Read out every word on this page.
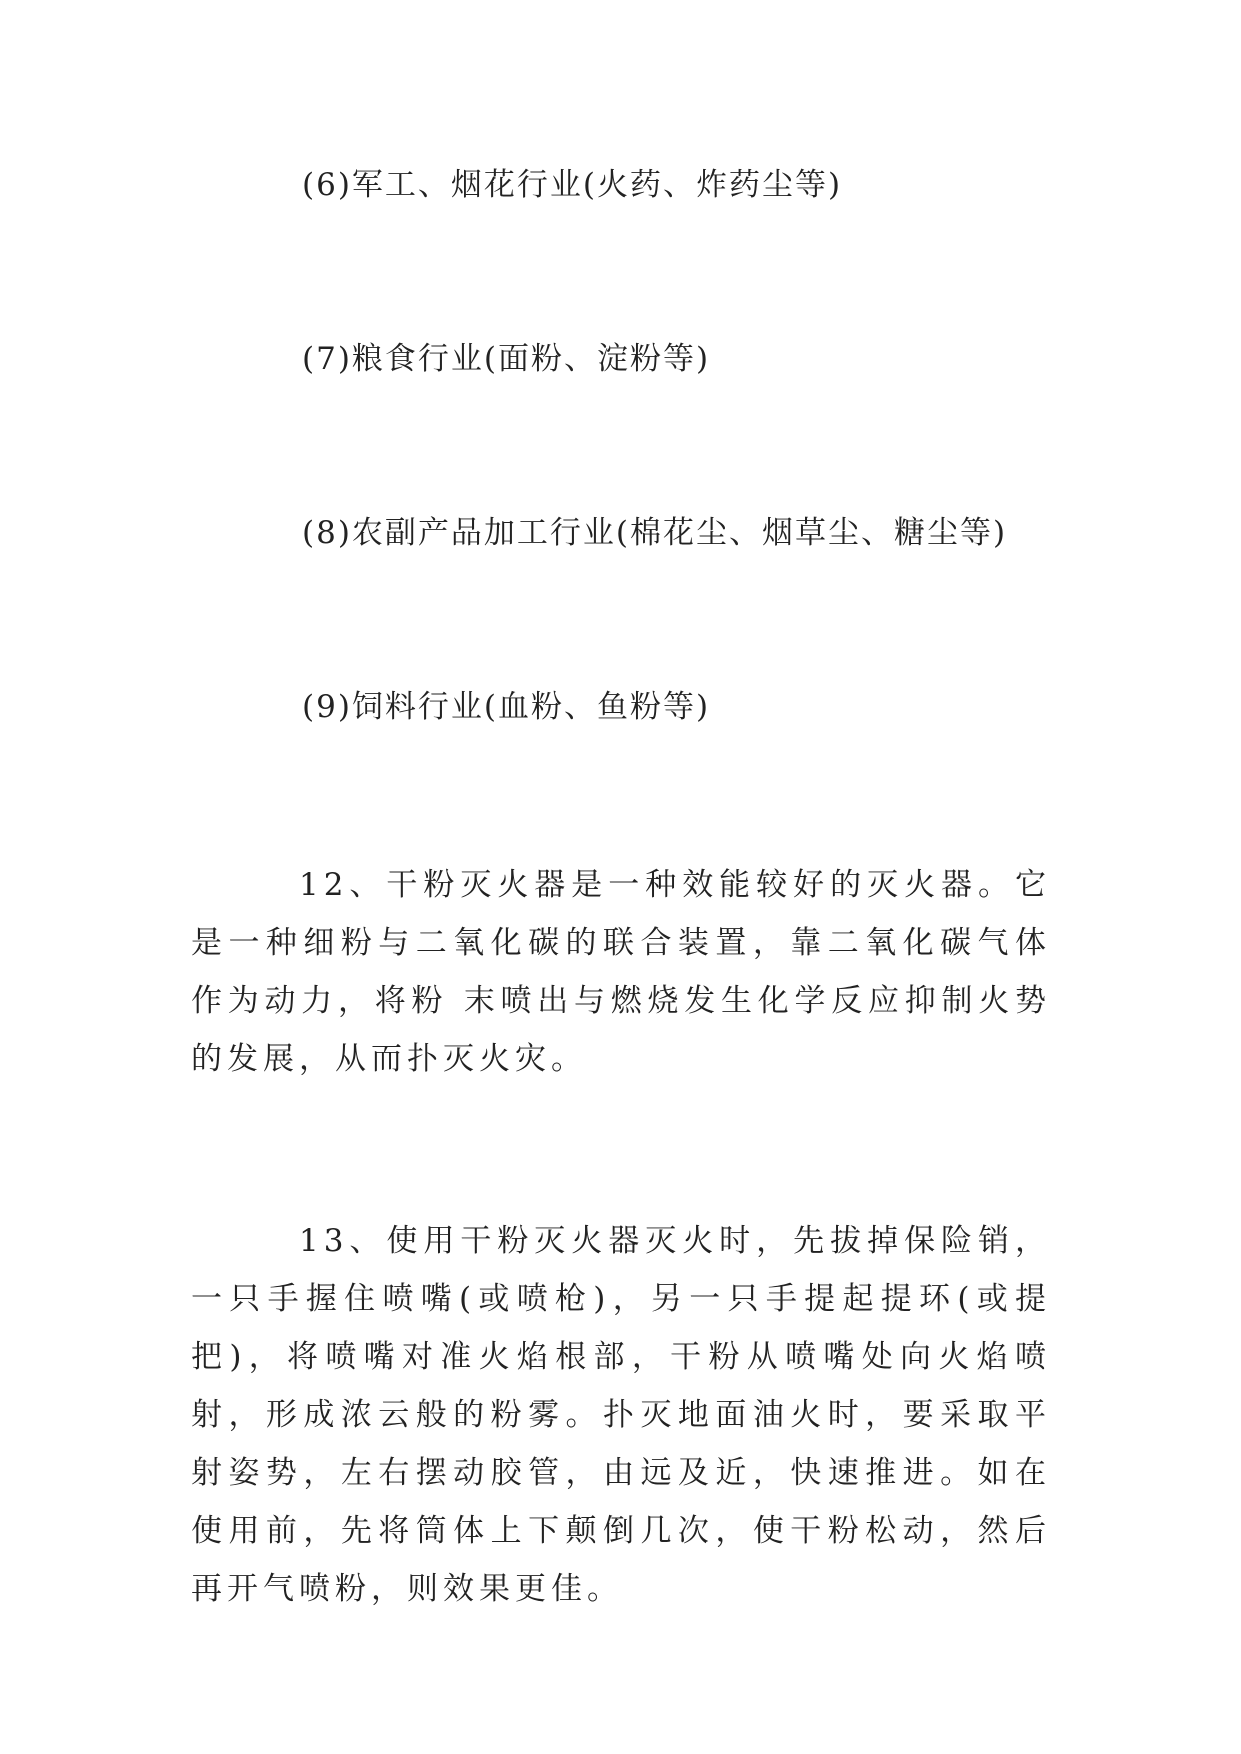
(6)军工、烟花行业(火药、炸药尘等)
(7)粮食行业(面粉、淀粉等)
(8)农副产品加工行业(棉花尘、烟草尘、糖尘等)
(9)饲料行业(血粉、鱼粉等)

12、干粉灭火器是一种效能较好的灭火器。它是一种细粉与二氧化碳的联合装置，靠二氧化碳气体作为动力，将粉 末喷出与燃烧发生化学反应抑制火势的发展，从而扑灭火灾。

13、使用干粉灭火器灭火时，先拔掉保险销，一只手握住喷嘴(或喷枪)，另一只手提起提环(或提把)，将喷嘴对准火焰根部，干粉从喷嘴处向火焰喷射，形成浓云般的粉雾。扑灭地面油火时，要采取平射姿势，左右摆动胶管，由远及近，快速推进。如在使用前，先将筒体上下颠倒几次，使干粉松动，然后再开气喷粉，则效果更佳。
